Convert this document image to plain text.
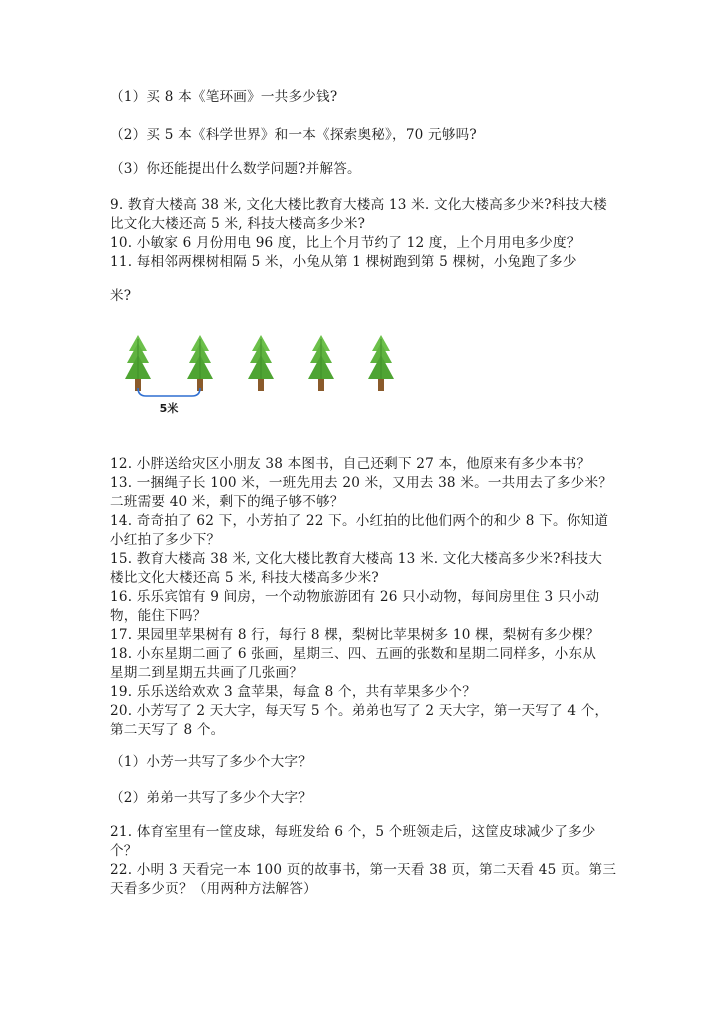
（1）买 8 本《笔环画》一共多少钱?
（2）买 5 本《科学世界》和一本《探索奥秘》，70 元够吗?
（3）你还能提出什么数学问题?并解答。
9. 教育大楼高 38 米, 文化大楼比教育大楼高 13 米. 文化大楼高多少米?科技大楼
比文化大楼还高 5 米, 科技大楼高多少米?
10. 小敏家 6 月份用电 96 度，比上个月节约了 12 度，上个月用电多少度？
11. 每相邻两棵树相隔 5 米，小兔从第 1 棵树跑到第 5 棵树，小兔跑了多少
米?
5米
12. 小胖送给灾区小朋友 38 本图书，自己还剩下 27 本，他原来有多少本书？
13. 一捆绳子长 100 米，一班先用去 20 米，又用去 38 米。一共用去了多少米？
二班需要 40 米，剩下的绳子够不够？
14. 奇奇拍了 62 下，小芳拍了 22 下。小红拍的比他们两个的和少 8 下。你知道
小红拍了多少下？
15. 教育大楼高 38 米, 文化大楼比教育大楼高 13 米. 文化大楼高多少米?科技大
楼比文化大楼还高 5 米, 科技大楼高多少米?
16. 乐乐宾馆有 9 间房，一个动物旅游团有 26 只小动物，每间房里住 3 只小动
物，能住下吗？
17. 果园里苹果树有 8 行，每行 8 棵，梨树比苹果树多 10 棵，梨树有多少棵？
18. 小东星期二画了 6 张画，星期三、四、五画的张数和星期二同样多，小东从
星期二到星期五共画了几张画？
19. 乐乐送给欢欢 3 盒苹果，每盒 8 个，共有苹果多少个？
20. 小芳写了 2 天大字，每天写 5 个。弟弟也写了 2 天大字，第一天写了 4 个，
第二天写了 8 个。
（1）小芳一共写了多少个大字？
（2）弟弟一共写了多少个大字？
21. 体育室里有一筐皮球，每班发给 6 个，5 个班领走后，这筐皮球减少了多少
个？
22. 小明 3 天看完一本 100 页的故事书，第一天看 38 页，第二天看 45 页。第三
天看多少页？（用两种方法解答）
